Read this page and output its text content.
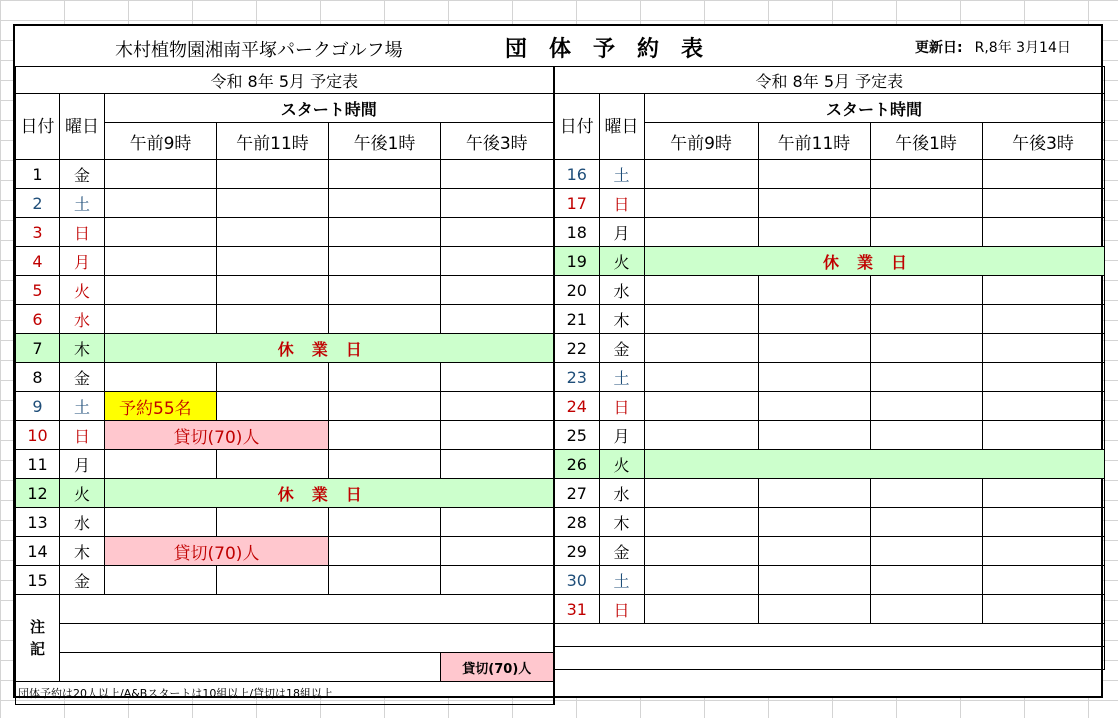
木村植物園湘南平塚パークゴルフ場	団体予約表	更新日: R,8年 3月14日
令和 8年 5月 予定表					
日付	曜日	スタート時間			
		午前9時	午前11時	午後1時	午後3時
1	金				
2	土				
3	日				
4	月				
5	火				
6	水				
7	木	休業日			
8	金				
9	土	予約55名			
10	日	貸切(70)人			
11	月				
12	火	休業日			
13	水				
14	木	貸切(70)人			
15	金				
注記					

					貸切(70)人
団体予約は20人以上/A&Bスタートは10組以上/貸切は18組以上					
令和 8年 5月 予定表					
日付	曜日	スタート時間			
		午前9時	午前11時	午後1時	午後3時
16	土				
17	日				
18	月				
19	火	休業日			
20	水				
21	木				
22	金				
23	土				
24	日				
25	月				
26	火				
27	水				
28	木				
29	金				
30	土				
31	日				
